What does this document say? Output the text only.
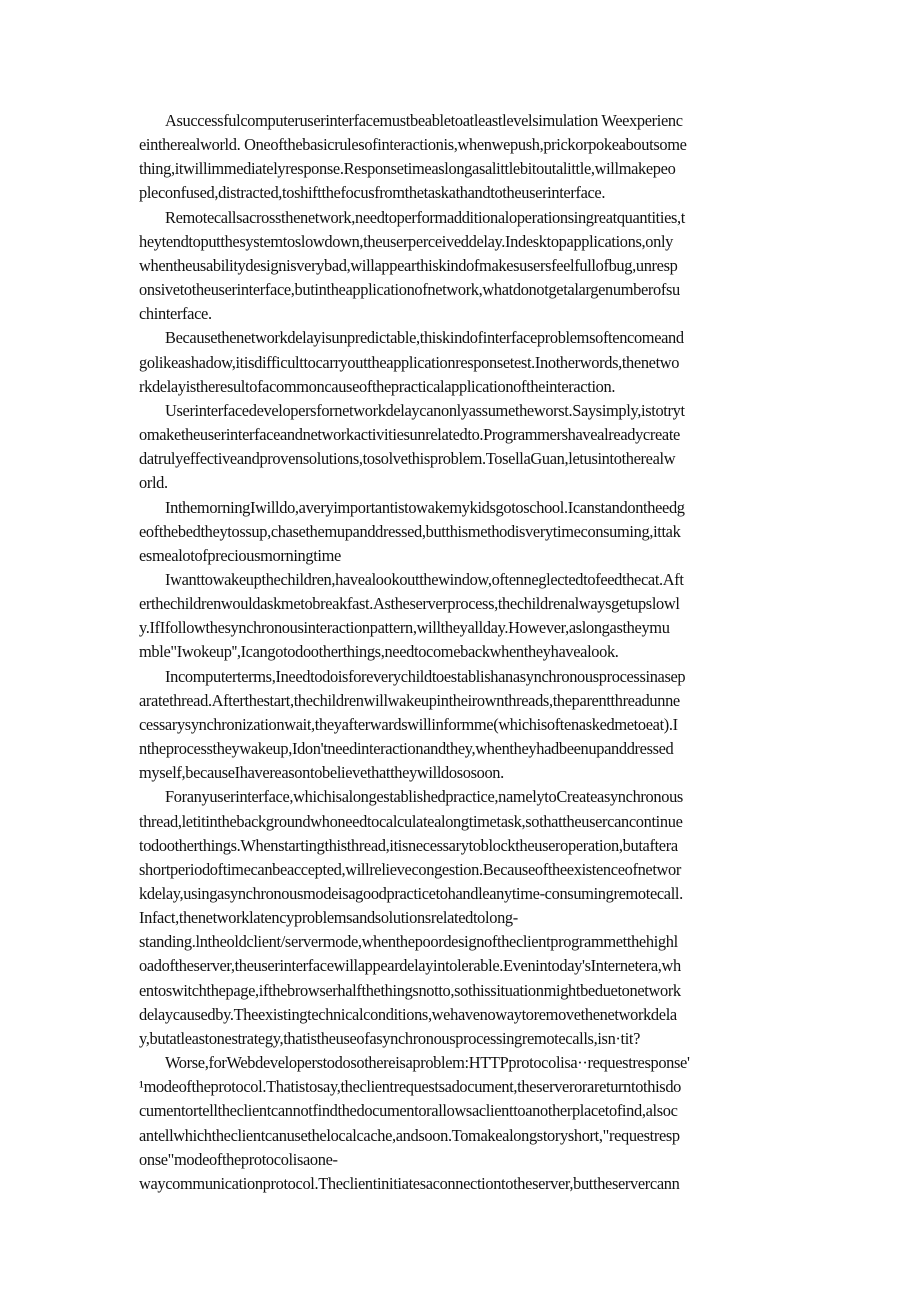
Asuccessfulcomputeruserinterfacemustbeabletoatleastlevelsimulation Weexperienc
eintherealworld. Oneofthebasicrulesofinteractionis,whenwepush,prickorpokeaboutsome
thing,itwillimmediatelyresponse.Responsetimeaslongasalittlebitoutalittle,willmakepeo
pleconfused,distracted,toshiftthefocusfromthetaskathandtotheuserinterface.
Remotecallsacrossthenetwork,needtoperformadditionaloperationsingreatquantities,t
heytendtoputthesystemtoslowdown,theuserperceiveddelay.Indesktopapplications,only
whentheusabilitydesignisverybad,willappearthiskindofmakesusersfeelfullofbug,unresp
onsivetotheuserinterface,butintheapplicationofnetwork,whatdonotgetalargenumberofsu
chinterface.
Becausethenetworkdelayisunpredictable,thiskindofinterfaceproblemsoftencomeand
golikeashadow,itisdifficulttocarryouttheapplicationresponsetest.Inotherwords,thenetwo
rkdelayistheresultofacommoncauseofthepracticalapplicationoftheinteraction.
Userinterfacedevelopersfornetworkdelaycanonlyassumetheworst.Saysimply,istotryt
omaketheuserinterfaceandnetworkactivitiesunrelatedto.Programmershavealreadycreate
datrulyeffectiveandprovensolutions,tosolvethisproblem.TosellaGuan,letusintotherealw
orld.
InthemorningIwilldo,averyimportantistowakemykidsgotoschool.Icanstandontheedg
eofthebedtheytossup,chasethemupanddressed,butthismethodisverytimeconsuming,ittak
esmealotofpreciousmorningtime
Iwanttowakeupthechildren,havealookoutthewindow,oftenneglectedtofeedthecat.Aft
erthechildrenwouldaskmetobreakfast.Astheserverprocess,thechildrenalwaysgetupslowl
y.IfIfollowthesynchronousinteractionpattern,willtheyallday.However,aslongastheymu
mble"Iwokeup'',Icangotodootherthings,needtocomebackwhentheyhavealook.
Incomputerterms,Ineedtodoisforeverychildtoestablishanasynchronousprocessinasep
aratethread.Afterthestart,thechildrenwillwakeupintheirownthreads,theparentthreadunne
cessarysynchronizationwait,theyafterwardswillinformme(whichisoftenaskedmetoeat).I
ntheprocesstheywakeup,Idon'tneedinteractionandthey,whentheyhadbeenupanddressed
myself,becauseIhavereasontobelievethattheywilldososoon.
Foranyuserinterface,whichisalongestablishedpractice,namelytoCreateasynchronous
thread,letitinthebackgroundwhoneedtocalculatealongtimetask,sothattheusercancontinue
todootherthings.Whenstartingthisthread,itisnecessarytoblocktheuseroperation,butaftera
shortperiodoftimecanbeaccepted,willrelievecongestion.Becauseoftheexistenceofnetwor
kdelay,usingasynchronousmodeisagoodpracticetohandleanytime-consumingremotecall.
Infact,thenetworklatencyproblemsandsolutionsrelatedtolong-
standing.lntheoldclient/servermode,whenthepoordesignoftheclientprogrammetthehighl
oadoftheserver,theuserinterfacewillappeardelayintolerable.Evenintoday'sInternetera,wh
entoswitchthepage,ifthebrowserhalfthethingsnotto,sothissituationmightbeduetonetwork
delaycausedby.Theexistingtechnicalconditions,wehavenowaytoremovethenetworkdela
y,butatleastonestrategy,thatistheuseofasynchronousprocessingremotecalls,isn·tit?
Worse,forWebdeveloperstodosothereisaproblem:HTTPprotocolisa··requestresponse'
¹modeoftheprotocol.Thatistosay,theclientrequestsadocument,theserverorareturntothisdo
cumentortelltheclientcannotfindthedocumentorallowsaclienttoanotherplacetofind,alsoc
antellwhichtheclientcanusethelocalcache,andsoon.Tomakealongstoryshort,"requestresp
onse"modeoftheprotocolisaone-
waycommunicationprotocol.Theclientinitiatesaconnectiontotheserver,buttheservercann
